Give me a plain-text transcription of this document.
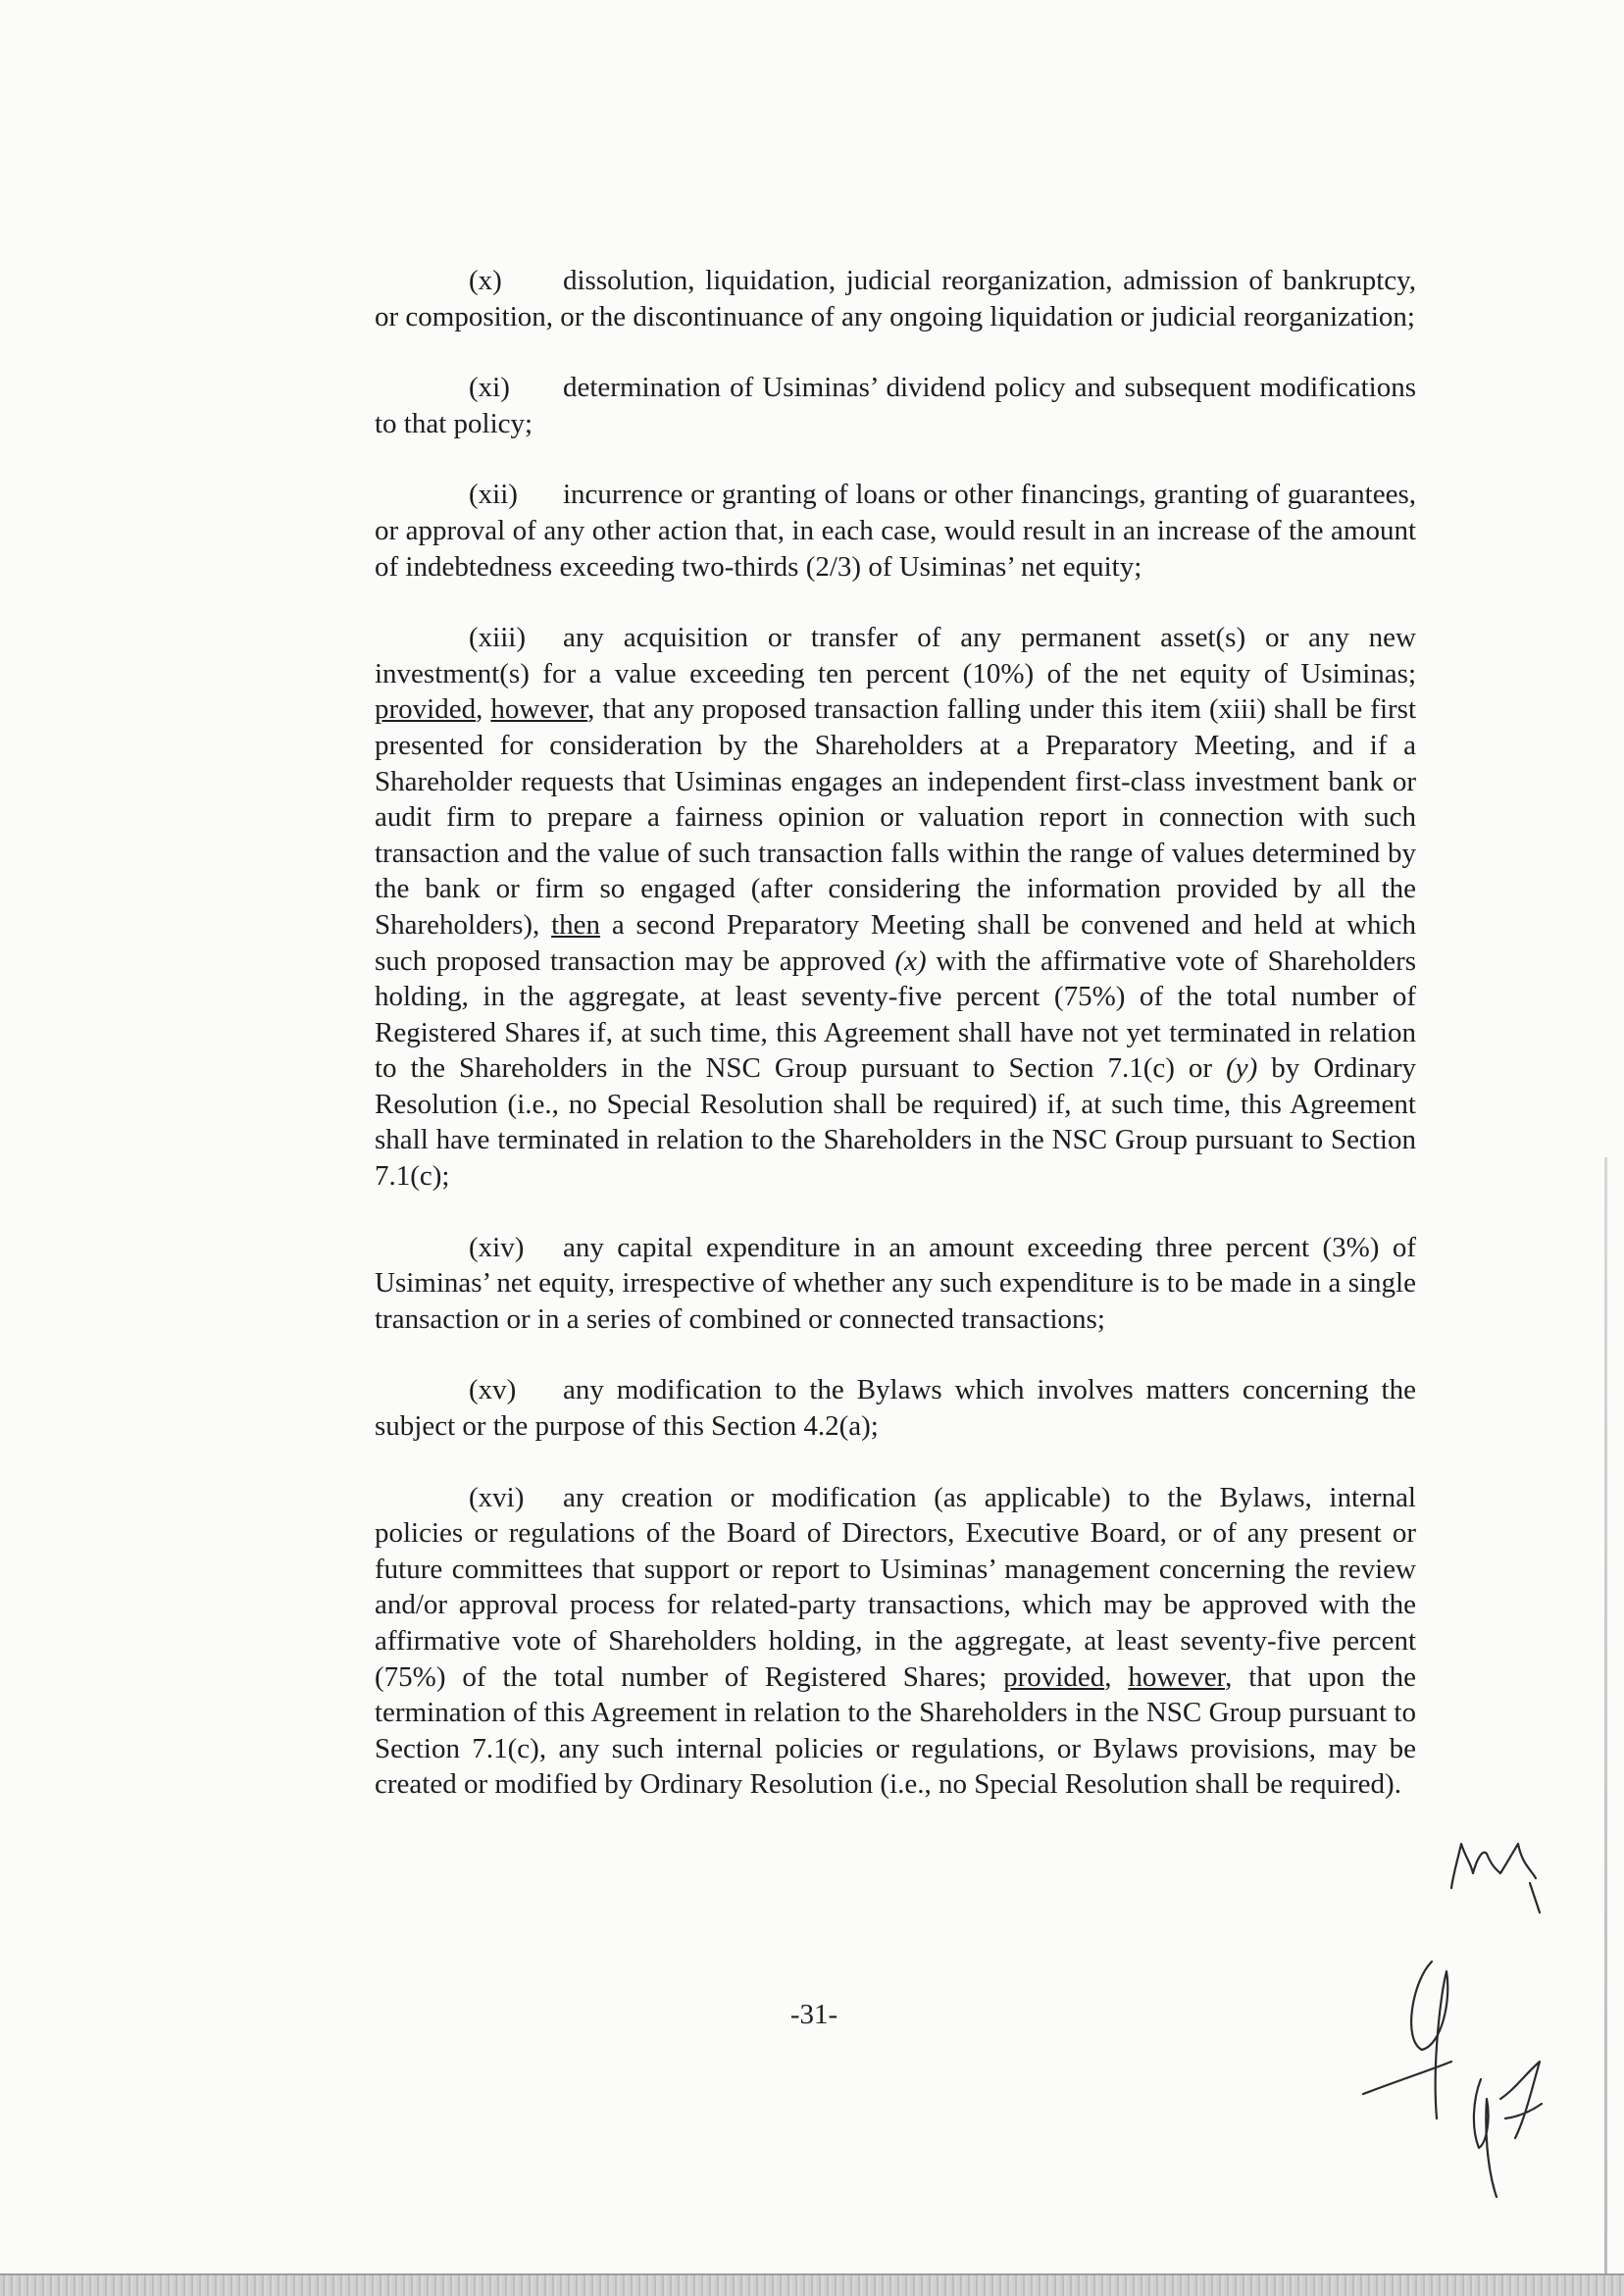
(x) dissolution, liquidation, judicial reorganization, admission of bankruptcy, or composition, or the discontinuance of any ongoing liquidation or judicial reorganization;

(xi) determination of Usiminas’ dividend policy and subsequent modifications to that policy;

(xii) incurrence or granting of loans or other financings, granting of guarantees, or approval of any other action that, in each case, would result in an increase of the amount of indebtedness exceeding two-thirds (2/3) of Usiminas’ net equity;

(xiii) any acquisition or transfer of any permanent asset(s) or any new investment(s) for a value exceeding ten percent (10%) of the net equity of Usiminas; provided, however, that any proposed transaction falling under this item (xiii) shall be first presented for consideration by the Shareholders at a Preparatory Meeting, and if a Shareholder requests that Usiminas engages an independent first-class investment bank or audit firm to prepare a fairness opinion or valuation report in connection with such transaction and the value of such transaction falls within the range of values determined by the bank or firm so engaged (after considering the information provided by all the Shareholders), then a second Preparatory Meeting shall be convened and held at which such proposed transaction may be approved (x) with the affirmative vote of Shareholders holding, in the aggregate, at least seventy-five percent (75%) of the total number of Registered Shares if, at such time, this Agreement shall have not yet terminated in relation to the Shareholders in the NSC Group pursuant to Section 7.1(c) or (y) by Ordinary Resolution (i.e., no Special Resolution shall be required) if, at such time, this Agreement shall have terminated in relation to the Shareholders in the NSC Group pursuant to Section 7.1(c);

(xiv) any capital expenditure in an amount exceeding three percent (3%) of Usiminas’ net equity, irrespective of whether any such expenditure is to be made in a single transaction or in a series of combined or connected transactions;

(xv) any modification to the Bylaws which involves matters concerning the subject or the purpose of this Section 4.2(a);

(xvi) any creation or modification (as applicable) to the Bylaws, internal policies or regulations of the Board of Directors, Executive Board, or of any present or future committees that support or report to Usiminas’ management concerning the review and/or approval process for related-party transactions, which may be approved with the affirmative vote of Shareholders holding, in the aggregate, at least seventy-five percent (75%) of the total number of Registered Shares; provided, however, that upon the termination of this Agreement in relation to the Shareholders in the NSC Group pursuant to Section 7.1(c), any such internal policies or regulations, or Bylaws provisions, may be created or modified by Ordinary Resolution (i.e., no Special Resolution shall be required).

-31-
